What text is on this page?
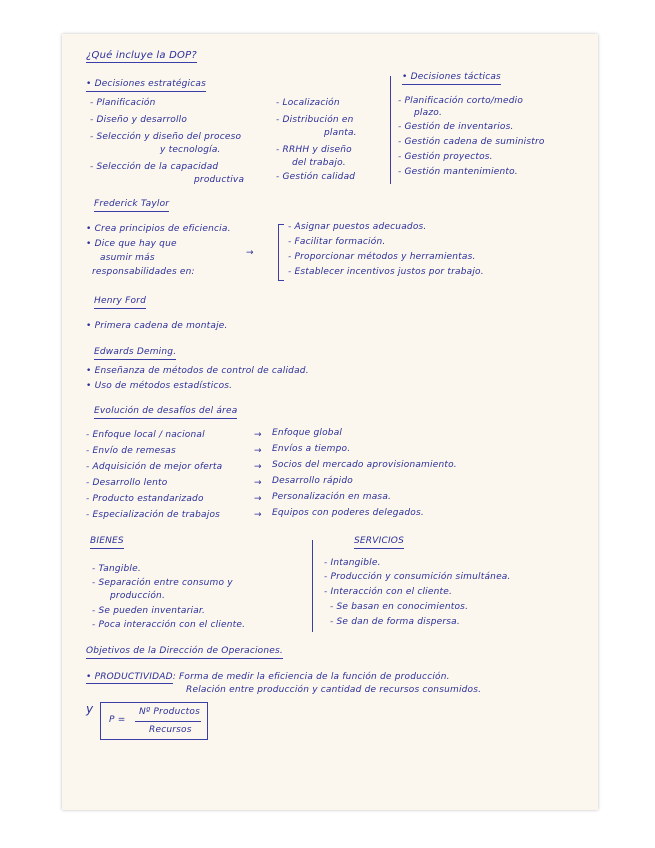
¿Qué incluye la DOP?
• Decisiones estratégicas
- Planificación
- Diseño y desarrollo
- Selección y diseño del proceso
y tecnología.
- Selección de la capacidad
productiva
- Localización
- Distribución en
planta.
- RRHH y diseño
del trabajo.
- Gestión calidad
• Decisiones tácticas
- Planificación corto/medio
plazo.
- Gestión de inventarios.
- Gestión cadena de suministro
- Gestión proyectos.
- Gestión mantenimiento.
Frederick Taylor
• Crea principios de eficiencia.
• Dice que hay que
asumir más
responsabilidades en:
→
- Asignar puestos adecuados.
- Facilitar formación.
- Proporcionar métodos y herramientas.
- Establecer incentivos justos por trabajo.
Henry Ford
• Primera cadena de montaje.
Edwards Deming.
• Enseñanza de métodos de control de calidad.
• Uso de métodos estadísticos.
Evolución de desafíos del área
- Enfoque local / nacional	→ Enfoque global
- Envío de remesas	→ Envíos a tiempo.
- Adquisición de mejor oferta	→ Socios del mercado aprovisionamiento.
- Desarrollo lento	→ Desarrollo rápido
- Producto estandarizado	→ Personalización en masa.
- Especialización de trabajos	→ Equipos con poderes delegados.
BIENES
- Tangible.
- Separación entre consumo y
producción.
- Se pueden inventariar.
- Poca interacción con el cliente.
SERVICIOS
- Intangible.
- Producción y consumición simultánea.
- Interacción con el cliente.
- Se basan en conocimientos.
- Se dan de forma dispersa.
Objetivos de la Dirección de Operaciones.
• PRODUCTIVIDAD: Forma de medir la eficiencia de la función de producción.
Relación entre producción y cantidad de recursos consumidos.
y
P =
Nº Productos
Recursos
